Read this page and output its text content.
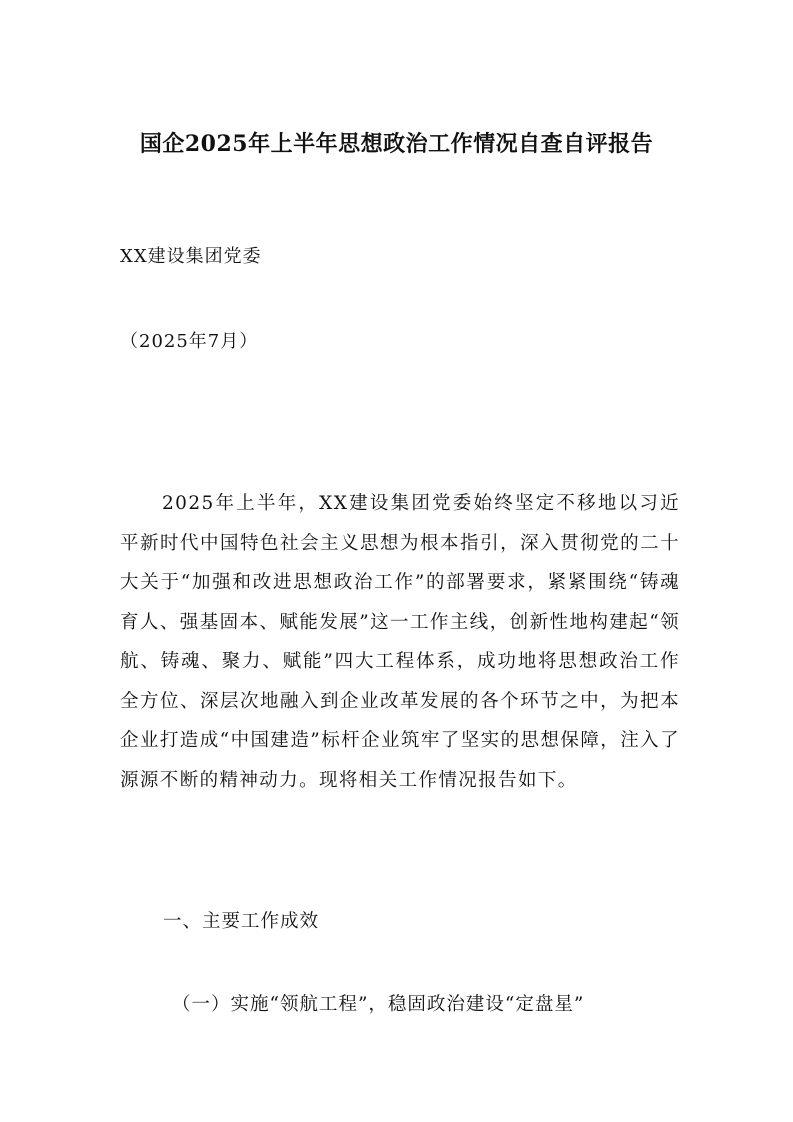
国企2025年上半年思想政治工作情况自查自评报告
XX建设集团党委
（2025年7月）

2025年上半年，XX建设集团党委始终坚定不移地以习近平新时代中国特色社会主义思想为根本指引，深入贯彻党的二十大关于“加强和改进思想政治工作”的部署要求，紧紧围绕“铸魂育人、强基固本、赋能发展”这一工作主线，创新性地构建起“领航、铸魂、聚力、赋能”四大工程体系，成功地将思想政治工作全方位、深层次地融入到企业改革发展的各个环节之中，为把本企业打造成“中国建造”标杆企业筑牢了坚实的思想保障，注入了源源不断的精神动力。现将相关工作情况报告如下。

一、主要工作成效
（一）实施“领航工程”，稳固政治建设“定盘星”
